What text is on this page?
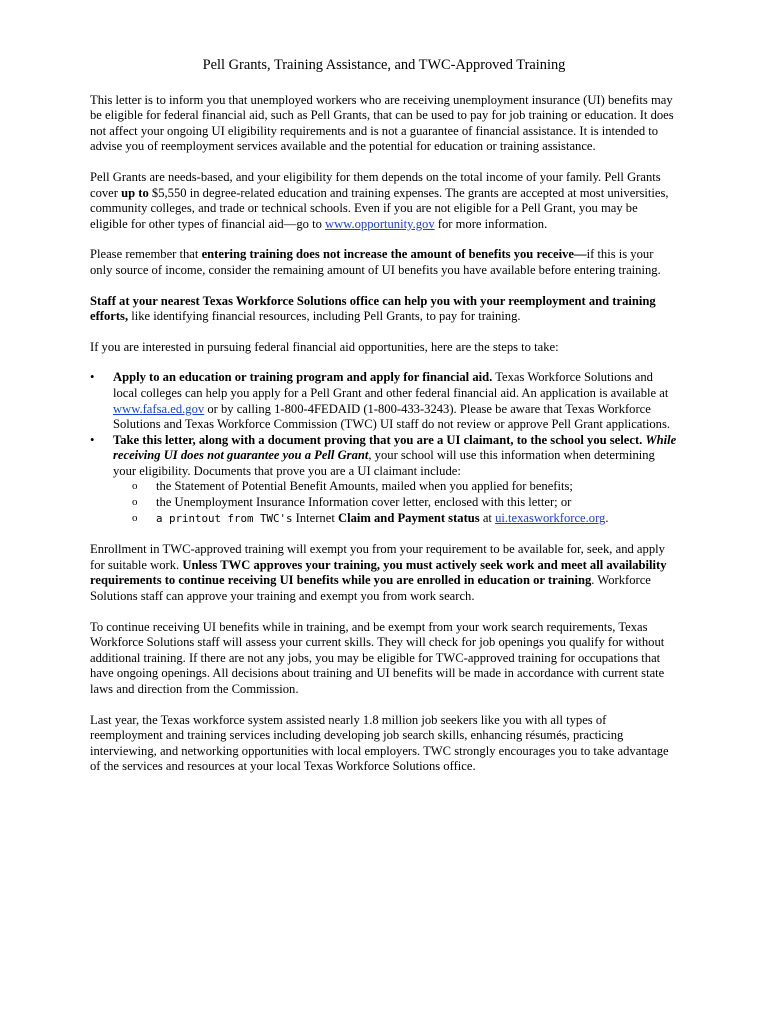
Pell Grants, Training Assistance, and TWC-Approved Training

This letter is to inform you that unemployed workers who are receiving unemployment insurance (UI) benefits may be eligible for federal financial aid, such as Pell Grants, that can be used to pay for job training or education. It does not affect your ongoing UI eligibility requirements and is not a guarantee of financial assistance. It is intended to advise you of reemployment services available and the potential for education or training assistance.

Pell Grants are needs-based, and your eligibility for them depends on the total income of your family. Pell Grants cover up to $5,550 in degree-related education and training expenses. The grants are accepted at most universities, community colleges, and trade or technical schools. Even if you are not eligible for a Pell Grant, you may be eligible for other types of financial aid—go to www.opportunity.gov for more information.

Please remember that entering training does not increase the amount of benefits you receive—if this is your only source of income, consider the remaining amount of UI benefits you have available before entering training.

Staff at your nearest Texas Workforce Solutions office can help you with your reemployment and training efforts, like identifying financial resources, including Pell Grants, to pay for training.

If you are interested in pursuing federal financial aid opportunities, here are the steps to take:

• Apply to an education or training program and apply for financial aid. Texas Workforce Solutions and local colleges can help you apply for a Pell Grant and other federal financial aid. An application is available at www.fafsa.ed.gov or by calling 1-800-4FEDAID (1-800-433-3243). Please be aware that Texas Workforce Solutions and Texas Workforce Commission (TWC) UI staff do not review or approve Pell Grant applications.
• Take this letter, along with a document proving that you are a UI claimant, to the school you select. While receiving UI does not guarantee you a Pell Grant, your school will use this information when determining your eligibility. Documents that prove you are a UI claimant include:
o the Statement of Potential Benefit Amounts, mailed when you applied for benefits;
o the Unemployment Insurance Information cover letter, enclosed with this letter; or
o a printout from TWC's Internet Claim and Payment status at ui.texasworkforce.org.

Enrollment in TWC-approved training will exempt you from your requirement to be available for, seek, and apply for suitable work. Unless TWC approves your training, you must actively seek work and meet all availability requirements to continue receiving UI benefits while you are enrolled in education or training. Workforce Solutions staff can approve your training and exempt you from work search.

To continue receiving UI benefits while in training, and be exempt from your work search requirements, Texas Workforce Solutions staff will assess your current skills. They will check for job openings you qualify for without additional training. If there are not any jobs, you may be eligible for TWC-approved training for occupations that have ongoing openings. All decisions about training and UI benefits will be made in accordance with current state laws and direction from the Commission.

Last year, the Texas workforce system assisted nearly 1.8 million job seekers like you with all types of reemployment and training services including developing job search skills, enhancing résumés, practicing interviewing, and networking opportunities with local employers. TWC strongly encourages you to take advantage of the services and resources at your local Texas Workforce Solutions office.
